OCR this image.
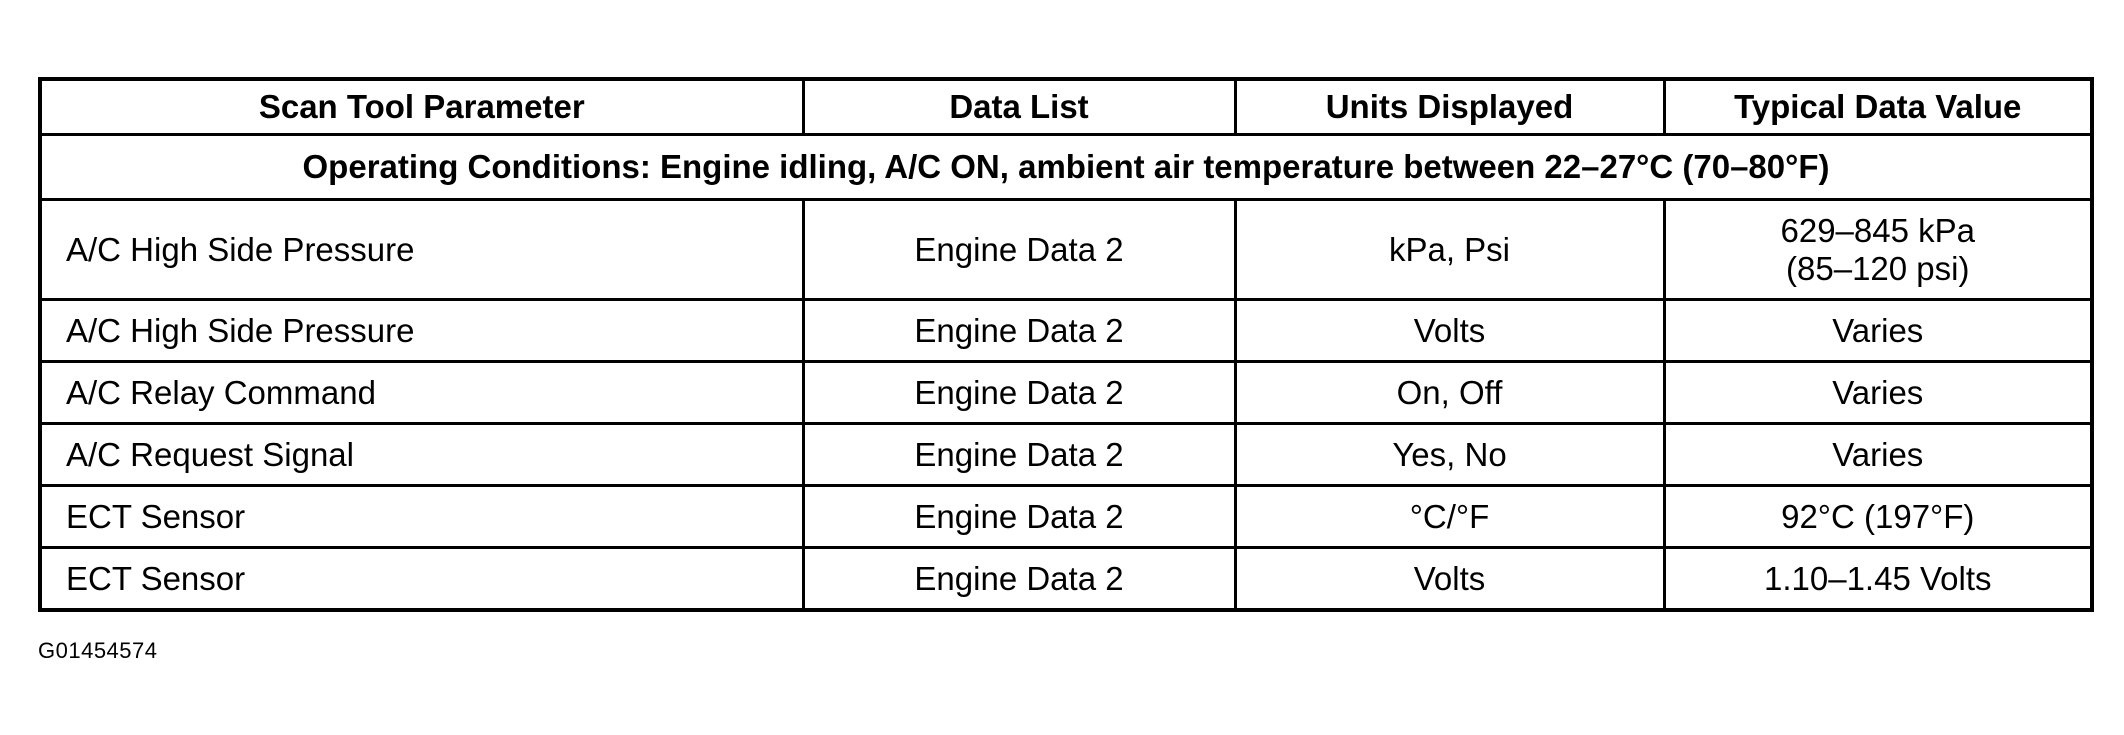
Scan Tool Parameter	Data List	Units Displayed	Typical Data Value
Operating Conditions: Engine idling, A/C ON, ambient air temperature between 22–27°C (70–80°F)			
A/C High Side Pressure	Engine Data 2	kPa, Psi	629–845 kPa
(85–120 psi)

A/C High Side Pressure	Engine Data 2	Volts	Varies
A/C Relay Command	Engine Data 2	On, Off	Varies
A/C Request Signal	Engine Data 2	Yes, No	Varies
ECT Sensor	Engine Data 2	°C/°F	92°C (197°F)
ECT Sensor	Engine Data 2	Volts	1.10–1.45 Volts
G01454574
